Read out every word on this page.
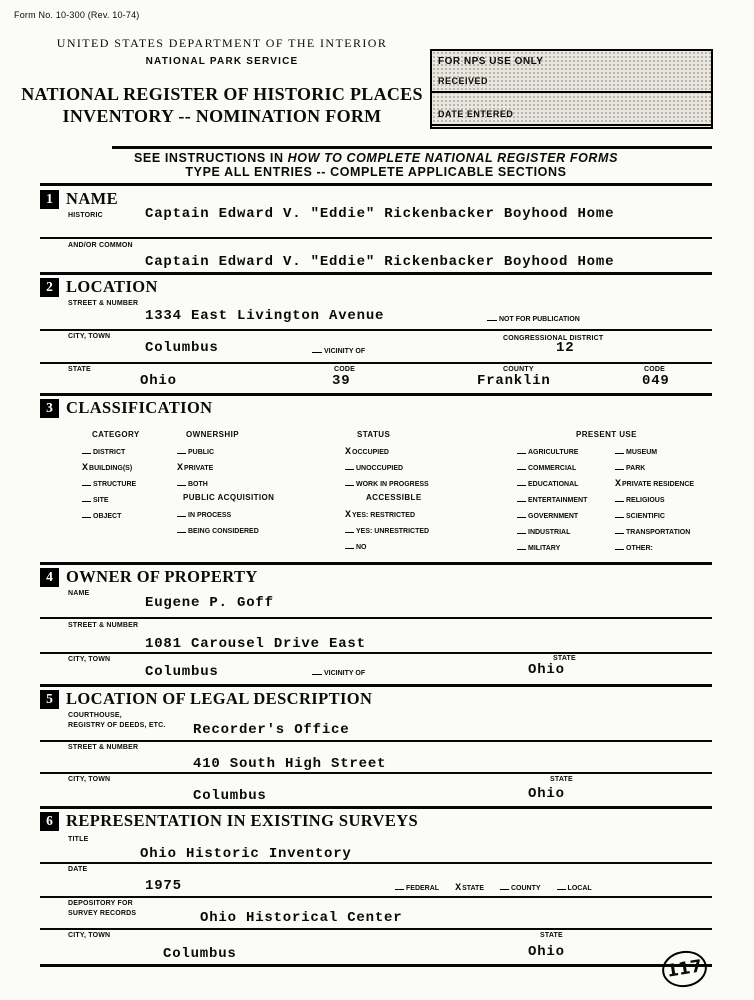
Form No. 10-300 (Rev. 10-74)
UNITED STATES DEPARTMENT OF THE INTERIOR
NATIONAL PARK SERVICE
NATIONAL REGISTER OF HISTORIC PLACES
INVENTORY -- NOMINATION FORM
FOR NPS USE ONLY
RECEIVED
DATE ENTERED
SEE INSTRUCTIONS IN HOW TO COMPLETE NATIONAL REGISTER FORMS
TYPE ALL ENTRIES -- COMPLETE APPLICABLE SECTIONS
1 NAME
HISTORIC	Captain Edward V. "Eddie" Rickenbacker Boyhood Home
AND/OR COMMON
Captain Edward V. "Eddie" Rickenbacker Boyhood Home
2 LOCATION
STREET & NUMBER
1334 East Livington Avenue	NOT FOR PUBLICATION
CITY, TOWN
Columbus	VICINITY OF
CONGRESSIONAL DISTRICT
12
STATE
Ohio
CODE
39
COUNTY
Franklin
CODE
049
3 CLASSIFICATION
CATEGORY	OWNERSHIP	STATUS	PRESENT USE
DISTRICT
XBUILDING(S)
STRUCTURE
SITE
OBJECT
PUBLIC
XPRIVATE
BOTH
PUBLIC ACQUISITION
IN PROCESS
BEING CONSIDERED
XOCCUPIED
UNOCCUPIED
WORK IN PROGRESS
ACCESSIBLE
XYES: RESTRICTED
YES: UNRESTRICTED
NO
AGRICULTURE
COMMERCIAL
EDUCATIONAL
ENTERTAINMENT
GOVERNMENT
INDUSTRIAL
MILITARY
MUSEUM
PARK
XPRIVATE RESIDENCE
RELIGIOUS
SCIENTIFIC
TRANSPORTATION
OTHER:
4 OWNER OF PROPERTY
NAME
Eugene P. Goff
STREET & NUMBER
1081 Carousel Drive East
CITY, TOWN
Columbus	VICINITY OF
STATE
Ohio
5 LOCATION OF LEGAL DESCRIPTION
COURTHOUSE,
REGISTRY OF DEEDS, ETC. Recorder's Office
STREET & NUMBER
410 South High Street
CITY, TOWN
Columbus
STATE
Ohio
6 REPRESENTATION IN EXISTING SURVEYS
TITLE
Ohio Historic Inventory
DATE
1975	FEDERAL XSTATE	COUNTY	LOCAL
DEPOSITORY FOR
SURVEY RECORDS	Ohio Historical Center
CITY, TOWN
Columbus
STATE
Ohio
117
